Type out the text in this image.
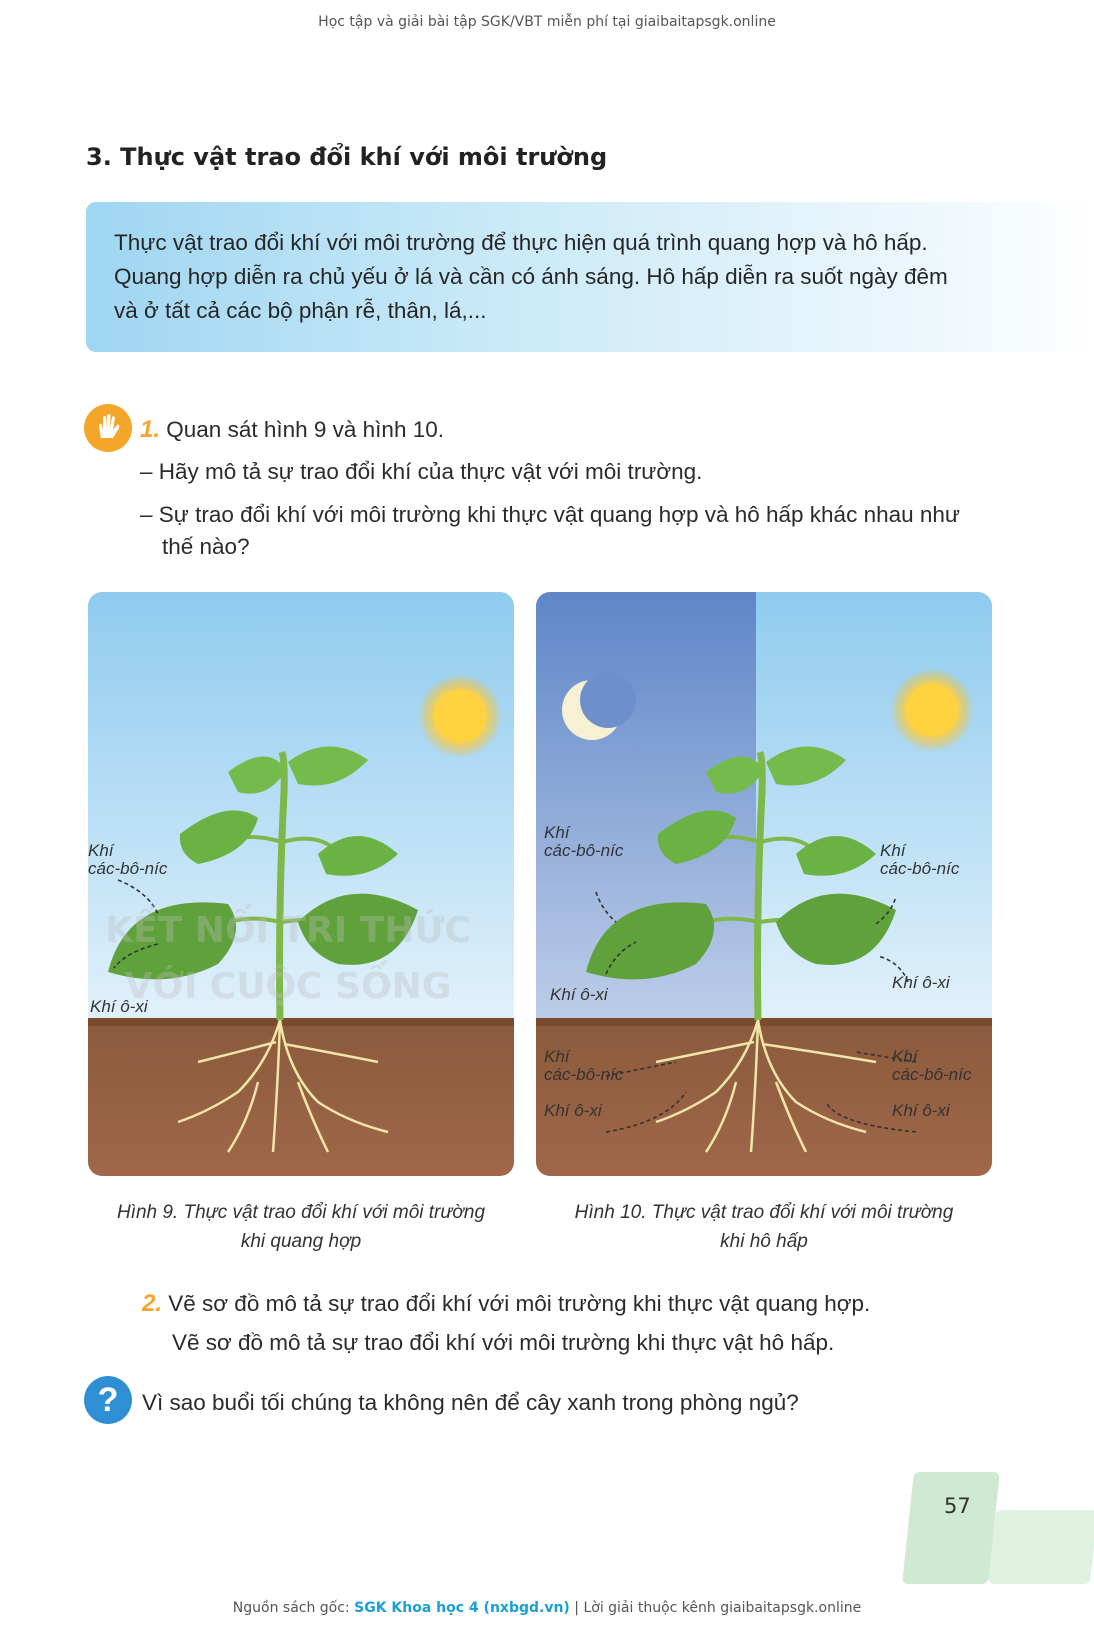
Học tập và giải bài tập SGK/VBT miễn phí tại giaibaitapsgk.online
3. Thực vật trao đổi khí với môi trường
Thực vật trao đổi khí với môi trường để thực hiện quá trình quang hợp và hô hấp.
Quang hợp diễn ra chủ yếu ở lá và cần có ánh sáng. Hô hấp diễn ra suốt ngày đêm
và ở tất cả các bộ phận rễ, thân, lá,...
1. Quan sát hình 9 và hình 10.
– Hãy mô tả sự trao đổi khí của thực vật với môi trường.
– Sự trao đổi khí với môi trường khi thực vật quang hợp và hô hấp khác nhau như
thế nào?
Khí
các-bô-níc
Khí ô-xi
KẾT NỐI TRI THỨC
VỚI CUỘC SỐNG
Khí
các-bô-níc	Khí
các-bô-níc
Khí ô-xi
Khí ô-xi
Khí
các-bô-níc
Khí
các-bô-níc
Khí ô-xi	Khí ô-xi
Hình 9. Thực vật trao đổi khí với môi trường
khi quang hợp
Hình 10. Thực vật trao đổi khí với môi trường
khi hô hấp
2. Vẽ sơ đồ mô tả sự trao đổi khí với môi trường khi thực vật quang hợp.
Vẽ sơ đồ mô tả sự trao đổi khí với môi trường khi thực vật hô hấp.
?	Vì sao buổi tối chúng ta không nên để cây xanh trong phòng ngủ?
57
Nguồn sách gốc: SGK Khoa học 4 (nxbgd.vn) | Lời giải thuộc kênh giaibaitapsgk.online
